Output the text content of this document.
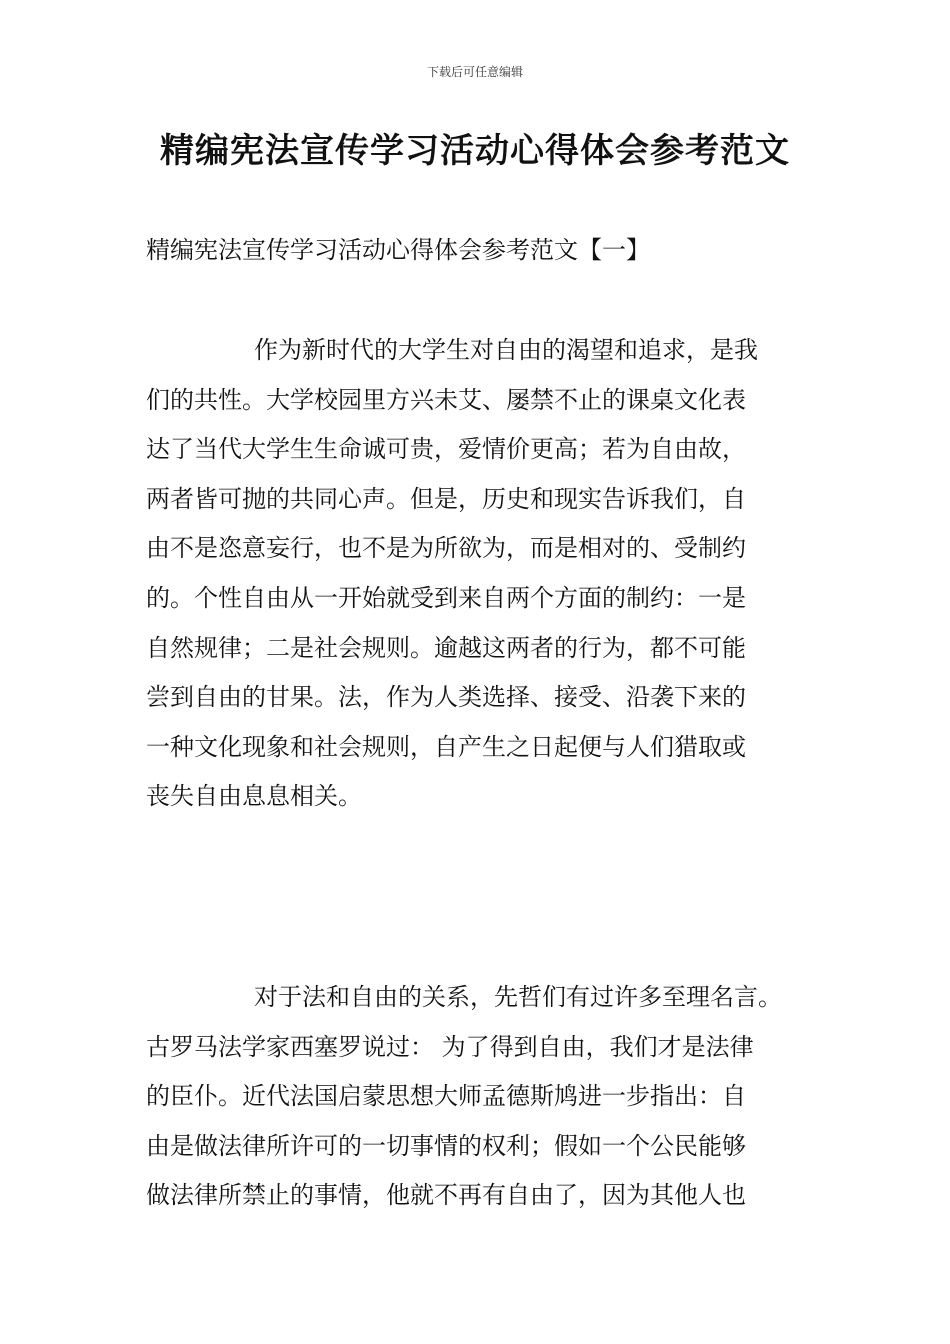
下载后可任意编辑
精编宪法宣传学习活动心得体会参考范文
精编宪法宣传学习活动心得体会参考范文【一】

作为新时代的大学生对自由的渴望和追求，是我
们的共性。大学校园里方兴未艾、屡禁不止的课桌文化表
达了当代大学生生命诚可贵，爱情价更高；若为自由故，
两者皆可抛的共同心声。但是，历史和现实告诉我们，自
由不是恣意妄行，也不是为所欲为，而是相对的、受制约
的。个性自由从一开始就受到来自两个方面的制约：一是
自然规律；二是社会规则。逾越这两者的行为，都不可能
尝到自由的甘果。法，作为人类选择、接受、沿袭下来的
一种文化现象和社会规则，自产生之日起便与人们猎取或
丧失自由息息相关。

对于法和自由的关系，先哲们有过许多至理名言。
古罗马法学家西塞罗说过： 为了得到自由，我们才是法律
的臣仆。近代法国启蒙思想大师孟德斯鸠进一步指出：自
由是做法律所许可的一切事情的权利；假如一个公民能够
做法律所禁止的事情，他就不再有自由了，因为其他人也
